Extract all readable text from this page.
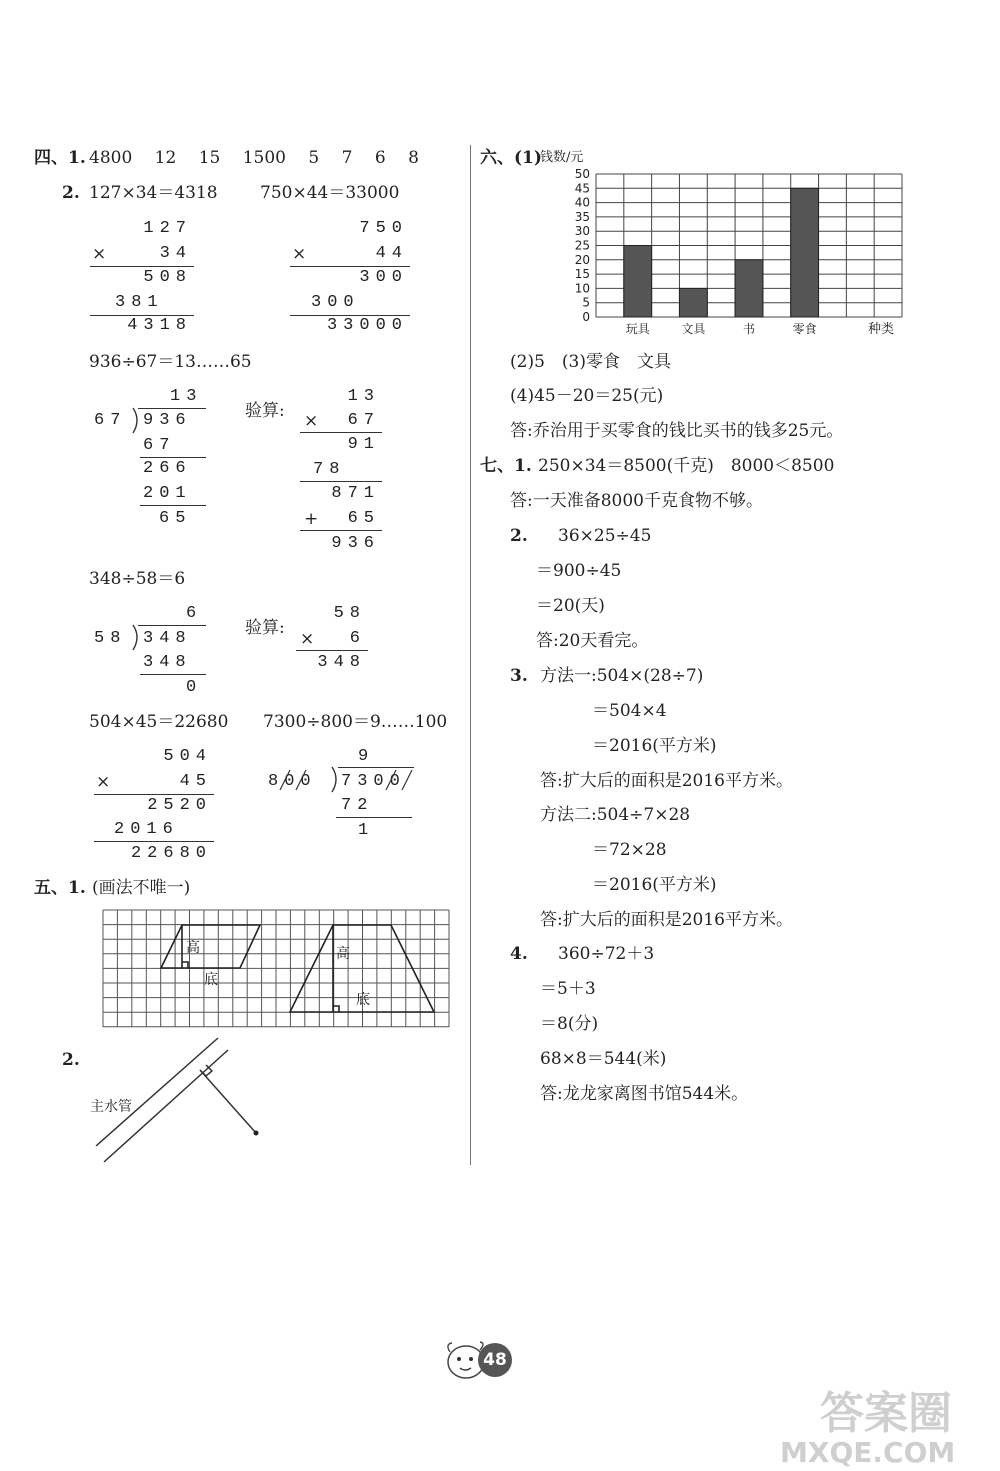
四、1. 4800　 12　 15　 1500　 5　 7　 6　 8
2. 127×34＝4318 750×44＝33000
127
×	34
508
381
4318
750
×	44
300
300
33000
936÷67＝13……65
13
67 936
67
266
201
65
验算:
13
×	67
91
78
871
+	65
936
348÷58＝6
6
58 348
348
0
验算:
58
×	6
348
504×45＝22680 7300÷800＝9……100
504
×	45
2520
2016
22680
9
800 7300
72
1
五、1. (画法不唯一)
高
底
高
底
2.
主水管
六、(1)
钱数/元
0
5
10
15
20
25
30
35
40
45
50
玩具	文具	书	零食	种类
(2)5　(3)零食　文具
(4)45－20＝25(元)
答:乔治用于买零食的钱比买书的钱多25元。
七、1. 250×34＝8500(千克)　8000＜8500
答:一天准备8000千克食物不够。
2. 36×25÷45
＝900÷45
＝20(天)
答:20天看完。
3. 方法一:504×(28÷7)
＝504×4
＝2016(平方米)
答:扩大后的面积是2016平方米。
方法二:504÷7×28
＝72×28
＝2016(平方米)
答:扩大后的面积是2016平方米。
4. 360÷72＋3
＝5＋3
＝8(分)
68×8＝544(米)
答:龙龙家离图书馆544米。
48
答案圈
MXQE.COM
